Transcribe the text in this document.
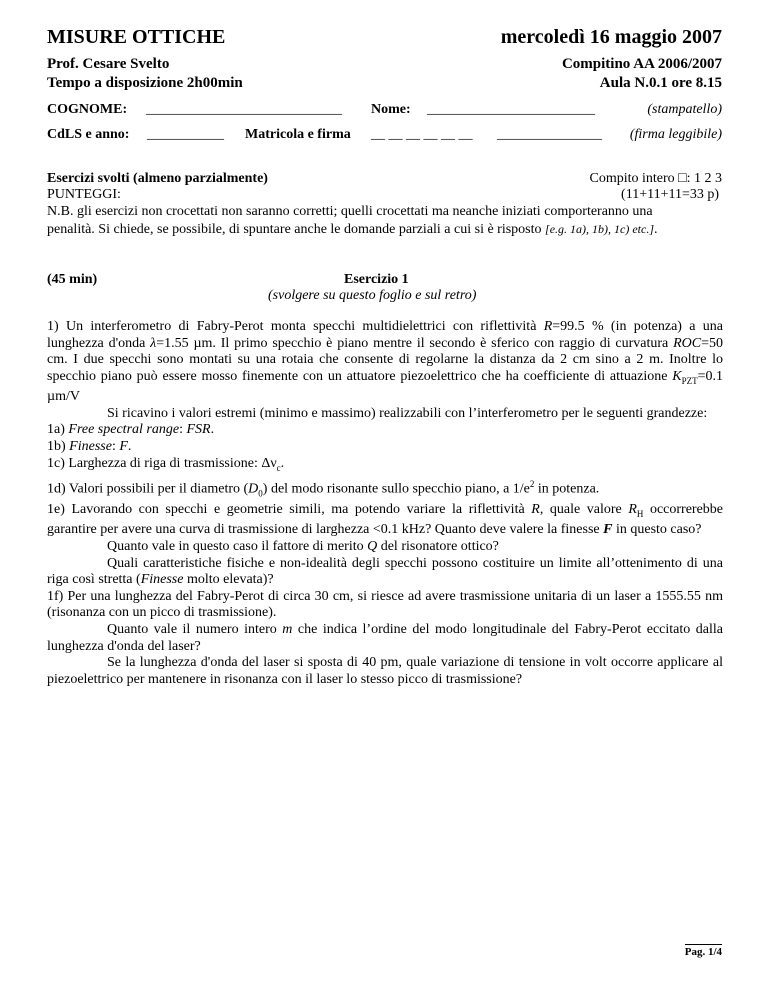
MISURE OTTICHE	mercoledì 16 maggio 2007
Prof. Cesare Svelto	Compitino AA 2006/2007
Tempo a disposizione 2h00min	Aula N.0.1 ore 8.15
COGNOME: ____________________________ Nome: ________________________	(stampatello)
CdLS e anno: ___________ Matricola e firma __ __ __ __ __ __ _______________ (firma leggibile)
Esercizi svolti (almeno parzialmente)	Compito intero □: 1 2 3
PUNTEGGI:	(11+11+11=33 p)

N.B. gli esercizi non crocettati non saranno corretti; quelli crocettati ma neanche iniziati comporteranno una
penalità. Si chiede, se possibile, di spuntare anche le domande parziali a cui si è risposto [e.g. 1a), 1b), 1c) etc.].

(45 min)	Esercizio 1
(svolgere su questo foglio e sul retro)

1) Un interferometro di Fabry-Perot monta specchi multidielettrici con riflettività R=99.5 % (in potenza) a una lunghezza d'onda λ=1.55 µm. Il primo specchio è piano mentre il secondo è sferico con raggio di curvatura ROC=50 cm. I due specchi sono montati su una rotaia che consente di regolarne la distanza da 2 cm sino a 2 m. Inoltre lo specchio piano può essere mosso finemente con un attuatore piezoelettrico che ha coefficiente di attuazione $K_{PZT}=0.1$ µm/V

Si ricavino i valori estremi (minimo e massimo) realizzabili con l’interferometro per le seguenti grandezze:

1a) Free spectral range: FSR.

1b) Finesse: F.

1c) Larghezza di riga di trasmissione: $\Delta\nu_c$.

1d) Valori possibili per il diametro $(D_0)$ del modo risonante sullo specchio piano, a $1/e^2$ in potenza.

1e) Lavorando con specchi e geometrie simili, ma potendo variare la riflettività R, quale valore $R_H$ occorrerebbe garantire per avere una curva di trasmissione di larghezza <0.1 kHz? Quanto deve valere la finesse F in questo caso?

Quanto vale in questo caso il fattore di merito Q del risonatore ottico?

Quali caratteristiche fisiche e non-idealità degli specchi possono costituire un limite all’ottenimento di una riga così stretta (Finesse molto elevata)?

1f) Per una lunghezza del Fabry-Perot di circa 30 cm, si riesce ad avere trasmissione unitaria di un laser a 1555.55 nm (risonanza con un picco di trasmissione).

Quanto vale il numero intero m che indica l’ordine del modo longitudinale del Fabry-Perot eccitato dalla lunghezza d'onda del laser?

Se la lunghezza d'onda del laser si sposta di 40 pm, quale variazione di tensione in volt occorre applicare al piezoelettrico per mantenere in risonanza con il laser lo stesso picco di trasmissione?

Pag. 1/4
